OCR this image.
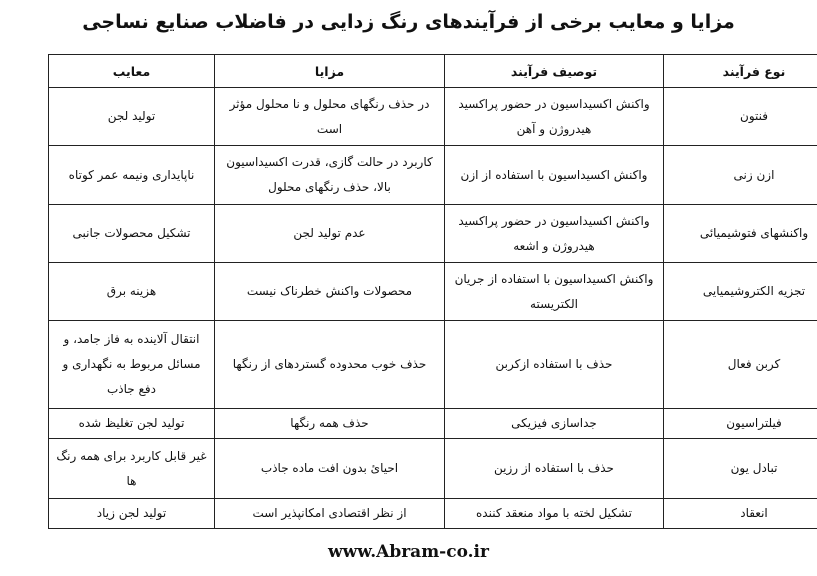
مزایا و معایب برخی از فرآیندهای رنگ زدایی در فاضلاب صنایع نساجی
نوع فرآیند	توصیف فرآیند	مزایا	معایب
فنتون	واکنش اکسیداسیون در حضور پراکسید هیدروژن و آهن	در حذف رنگهای محلول و نا محلول مؤثر است	تولید لجن
ازن زنی	واکنش اکسیداسیون با استفاده از ازن	کاربرد در حالت گازی، قدرت اکسیداسیون بالا، حذف رنگهای محلول	ناپایداری ونیمه عمر کوتاه
واکنشهای فتوشیمیائی	واکنش اکسیداسیون در حضور پراکسید هیدروژن و اشعه	عدم تولید لجن	تشکیل محصولات جانبی
تجزیه الکتروشیمیایی	واکنش اکسیداسیون با استفاده از جریان الکتریسته	محصولات واکنش خطرناک نیست	هزینه برق
کربن فعال	حذف با استفاده ازکربن	حذف خوب محدوده گستردهای از رنگها	انتقال آلاینده به فاز جامد، و مسائل مربوط به نگهداری و دفع جاذب
فیلتراسیون	جداسازی فیزیکی	حذف همه رنگها	تولید لجن تغلیظ شده
تبادل یون	حذف با استفاده از رزین	احیائ بدون افت ماده جاذب	غیر قابل کاربرد برای همه رنگ ها
انعقاد	تشکیل لخته با مواد منعقد کننده	از نظر اقتصادی امکانپذیر است	تولید لجن زیاد
www.Abram-co.ir
